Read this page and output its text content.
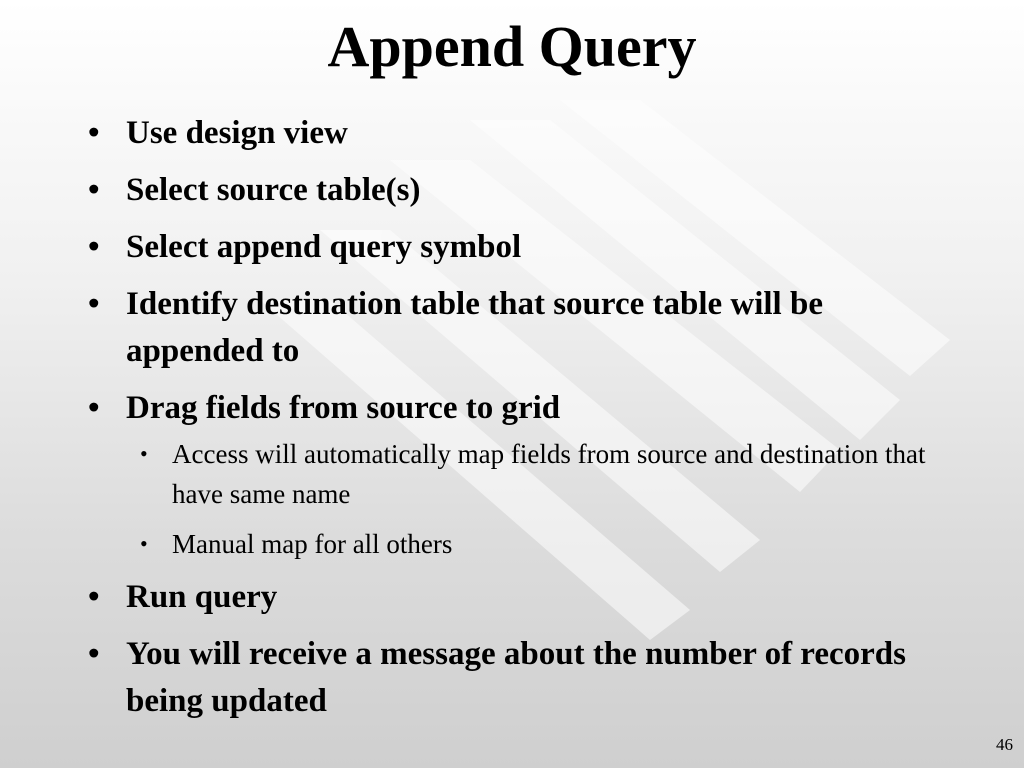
Append Query
• Use design view
• Select source table(s)
• Select append query symbol
• Identify destination table that source table will be appended to
• Drag fields from source to grid
• Access will automatically map fields from source and destination that have same name
• Manual map for all others
• Run query
• You will receive a message about the number of records being updated
46
